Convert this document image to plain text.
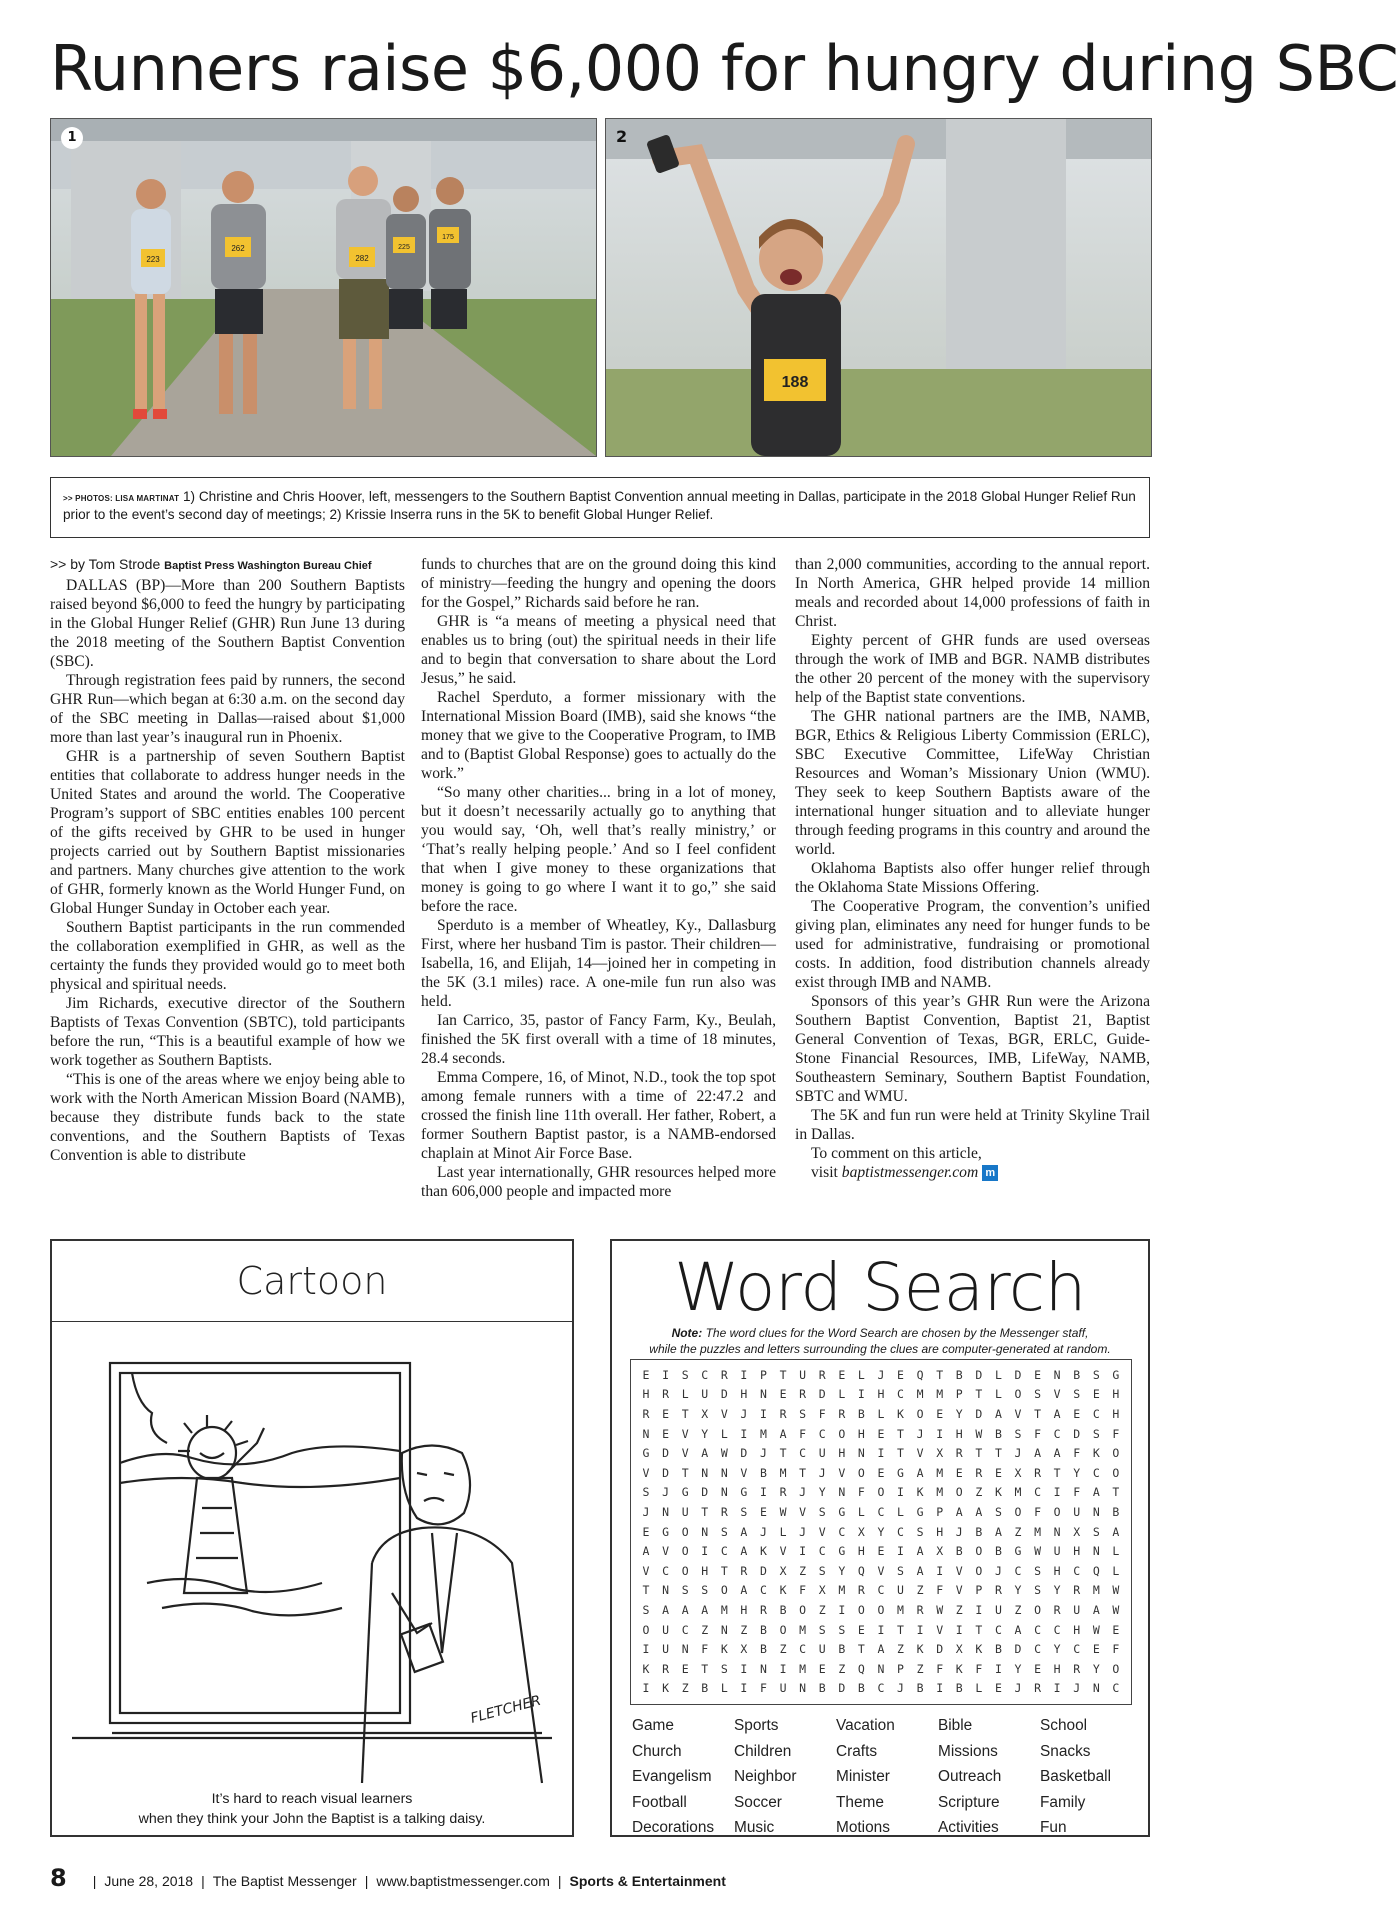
Runners raise $6,000 for hungry during SBC
223
262
282
225
175
1
188
2
>> PHOTOS: LISA MARTINAT 1) Christine and Chris Hoover, left, messengers to the Southern Baptist Convention annual meeting in Dallas, participate in the 2018 Global Hunger Relief Run prior to the event’s second day of meetings; 2) Krissie Inserra runs in the 5K to benefit Global Hunger Relief.

>> by Tom Strode Baptist Press Washington Bureau Chief

DALLAS (BP)—More than 200 Southern Baptists raised beyond $6,000 to feed the hungry by participating in the Global Hunger Relief (GHR) Run June 13 during the 2018 meeting of the Southern Baptist Convention (SBC).

Through registration fees paid by runners, the second GHR Run—which began at 6:30 a.m. on the second day of the SBC meeting in Dallas—raised about $1,000 more than last year’s inaugural run in Phoenix.

GHR is a partnership of seven Southern Baptist entities that collaborate to address hunger needs in the United States and around the world. The Cooperative Program’s support of SBC entities enables 100 percent of the gifts received by GHR to be used in hunger projects carried out by Southern Baptist missionaries and partners. Many churches give attention to the work of GHR, formerly known as the World Hunger Fund, on Global Hunger Sunday in October each year.

Southern Baptist participants in the run commended the collaboration exemplified in GHR, as well as the certainty the funds they provided would go to meet both physical and spiritual needs.

Jim Richards, executive director of the Southern Baptists of Texas Convention (SBTC), told participants before the run, “This is a beautiful example of how we work together as Southern Baptists.

“This is one of the areas where we enjoy being able to work with the North American Mission Board (NAMB), because they distribute funds back to the state conventions, and the Southern Baptists of Texas Convention is able to distribute

funds to churches that are on the ground doing this kind of ministry—feeding the hungry and opening the doors for the Gospel,” Richards said before he ran.

GHR is “a means of meeting a physical need that enables us to bring (out) the spiritual needs in their life and to begin that conversation to share about the Lord Jesus,” he said.

Rachel Sperduto, a former missionary with the International Mission Board (IMB), said she knows “the money that we give to the Cooperative Program, to IMB and to (Baptist Global Response) goes to actually do the work.”

“So many other charities... bring in a lot of money, but it doesn’t necessarily actually go to anything that you would say, ‘Oh, well that’s really ministry,’ or ‘That’s really helping people.’ And so I feel confident that when I give money to these organizations that money is going to go where I want it to go,” she said before the race.

Sperduto is a member of Wheatley, Ky., Dallasburg First, where her husband Tim is pastor. Their children—Isabella, 16, and Elijah, 14—joined her in competing in the 5K (3.1 miles) race. A one-mile fun run also was held.

Ian Carrico, 35, pastor of Fancy Farm, Ky., Beulah, finished the 5K first overall with a time of 18 minutes, 28.4 seconds.

Emma Compere, 16, of Minot, N.D., took the top spot among female runners with a time of 22:47.2 and crossed the finish line 11th overall. Her father, Robert, a former Southern Baptist pastor, is a NAMB-endorsed chaplain at Minot Air Force Base.

Last year internationally, GHR resources helped more than 606,000 people and impacted more

than 2,000 communities, according to the annual report. In North America, GHR helped provide 14 million meals and recorded about 14,000 professions of faith in Christ.

Eighty percent of GHR funds are used overseas through the work of IMB and BGR. NAMB distributes the other 20 percent of the money with the supervisory help of the Baptist state conventions.

The GHR national partners are the IMB, NAMB, BGR, Ethics & Religious Liberty Commission (ERLC), SBC Executive Committee, LifeWay Christian Resources and Woman’s Missionary Union (WMU). They seek to keep Southern Baptists aware of the international hunger situation and to alleviate hunger through feeding programs in this country and around the world.

Oklahoma Baptists also offer hunger relief through the Oklahoma State Missions Offering.

The Cooperative Program, the convention’s unified giving plan, eliminates any need for hunger funds to be used for administrative, fundraising or promotional costs. In addition, food distribution channels already exist through IMB and NAMB.

Sponsors of this year’s GHR Run were the Arizona Southern Baptist Convention, Baptist 21, Baptist General Convention of Texas, BGR, ERLC, Guide-Stone Financial Resources, IMB, LifeWay, NAMB, Southeastern Seminary, Southern Baptist Foundation, SBTC and WMU.

The 5K and fun run were held at Trinity Skyline Trail in Dallas.

To comment on this article,
visit baptistmessenger.com m

Cartoon
FLETCHER
It’s hard to reach visual learners
when they think your John the Baptist is a talking daisy.
Word Search
Note: The word clues for the Word Search are chosen by the Messenger staff,
while the puzzles and letters surrounding the clues are computer-generated at random.
E	I	S	C	R	I	P	T	U	R	E	L	J	E	Q	T	B	D	L	D	E	N	B	S	G
H	R	L	U	D	H	N	E	R	D	L	I	H	C	M	M	P	T	L	O	S	V	S	E	H
R	E	T	X	V	J	I	R	S	F	R	B	L	K	O	E	Y	D	A	V	T	A	E	C	H
N	E	V	Y	L	I	M	A	F	C	O	H	E	T	J	I	H	W	B	S	F	C	D	S	F
G	D	V	A	W	D	J	T	C	U	H	N	I	T	V	X	R	T	T	J	A	A	F	K	O
V	D	T	N	N	V	B	M	T	J	V	O	E	G	A	M	E	R	E	X	R	T	Y	C	O
S	J	G	D	N	G	I	R	J	Y	N	F	O	I	K	M	O	Z	K	M	C	I	F	A	T
J	N	U	T	R	S	E	W	V	S	G	L	C	L	G	P	A	A	S	O	F	O	U	N	B
E	G	O	N	S	A	J	L	J	V	C	X	Y	C	S	H	J	B	A	Z	M	N	X	S	A
A	V	O	I	C	A	K	V	I	C	G	H	E	I	A	X	B	O	B	G	W	U	H	N	L
V	C	O	H	T	R	D	X	Z	S	Y	Q	V	S	A	I	V	O	J	C	S	H	C	Q	L
T	N	S	S	O	A	C	K	F	X	M	R	C	U	Z	F	V	P	R	Y	S	Y	R	M	W
S	A	A	A	M	H	R	B	O	Z	I	O	O	M	R	W	Z	I	U	Z	O	R	U	A	W
O	U	C	Z	N	Z	B	O	M	S	S	E	I	T	I	V	I	T	C	A	C	C	H	W	E
I	U	N	F	K	X	B	Z	C	U	B	T	A	Z	K	D	X	K	B	D	C	Y	C	E	F
K	R	E	T	S	I	N	I	M	E	Z	Q	N	P	Z	F	K	F	I	Y	E	H	R	Y	O
I	K	Z	B	L	I	F	U	N	B	D	B	C	J	B	I	B	L	E	J	R	I	J	N	C
Game	Sports	Vacation	Bible	School
Church	Children	Crafts	Missions	Snacks
Evangelism	Neighbor	Minister	Outreach	Basketball
Football	Soccer	Theme	Scripture	Family
Decorations	Music	Motions	Activities	Fun
8 | June 28, 2018 | The Baptist Messenger | www.baptistmessenger.com | Sports & Entertainment
